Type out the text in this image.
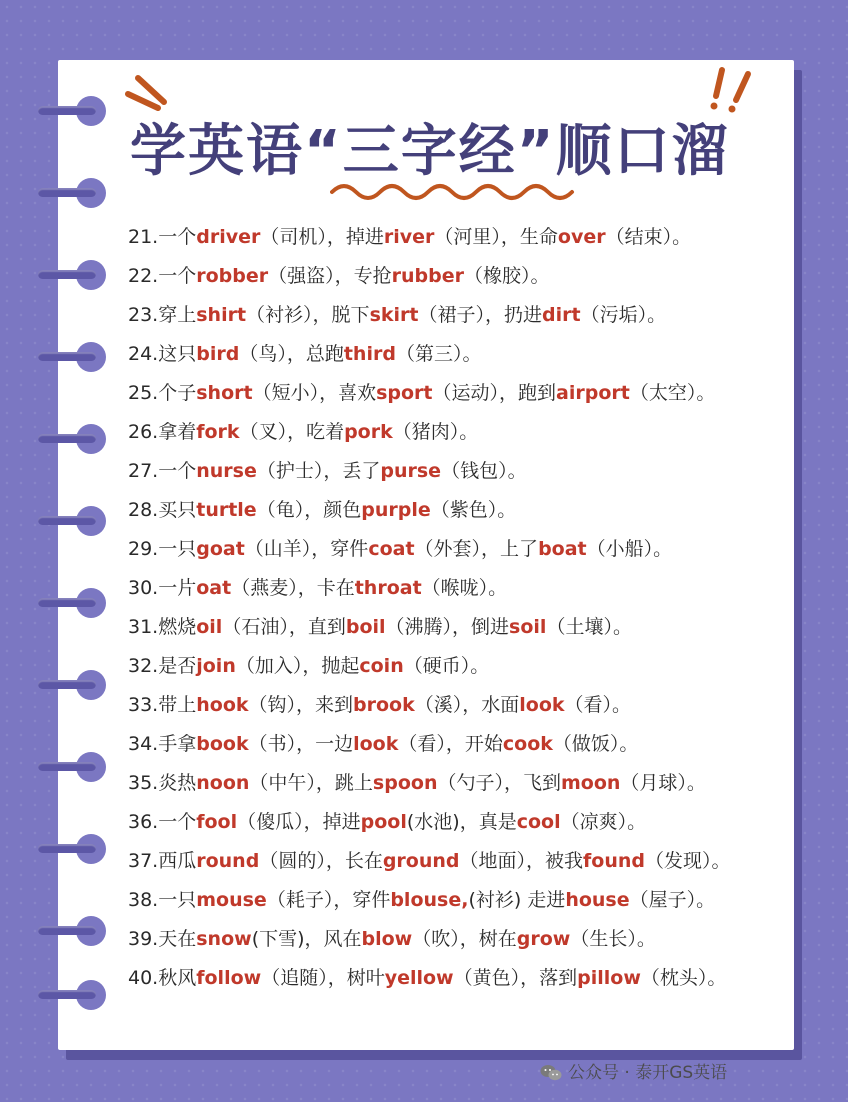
学英语“三字经”顺口溜
21.一个driver（司机），掉进river（河里），生命over（结束）。
22.一个robber（强盗），专抢rubber（橡胶）。
23.穿上shirt（衬衫），脱下skirt（裙子），扔进dirt（污垢）。
24.这只bird（鸟），总跑third（第三）。
25.个子short（短小），喜欢sport（运动），跑到airport（太空）。
26.拿着fork（叉），吃着pork（猪肉）。
27.一个nurse（护士），丢了purse（钱包）。
28.买只turtle（龟），颜色purple（紫色）。
29.一只goat（山羊），穿件coat（外套），上了boat（小船）。
30.一片oat（燕麦），卡在throat（喉咙）。
31.燃烧oil（石油），直到boil（沸腾），倒进soil（土壤）。
32.是否join（加入），抛起coin（硬币）。
33.带上hook（钩），来到brook（溪），水面look（看）。
34.手拿book（书），一边look（看），开始cook（做饭）。
35.炎热noon（中午），跳上spoon（勺子），飞到moon（月球）。
36.一个fool（傻瓜），掉进pool(水池)，真是cool（凉爽）。
37.西瓜round（圆的），长在ground（地面），被我found（发现）。
38.一只mouse（耗子），穿件blouse,(衬衫) 走进house（屋子）。
39.天在snow(下雪)，风在blow（吹），树在grow（生长）。
40.秋风follow（追随），树叶yellow（黄色），落到pillow（枕头）。
公众号 · 泰开GS英语
